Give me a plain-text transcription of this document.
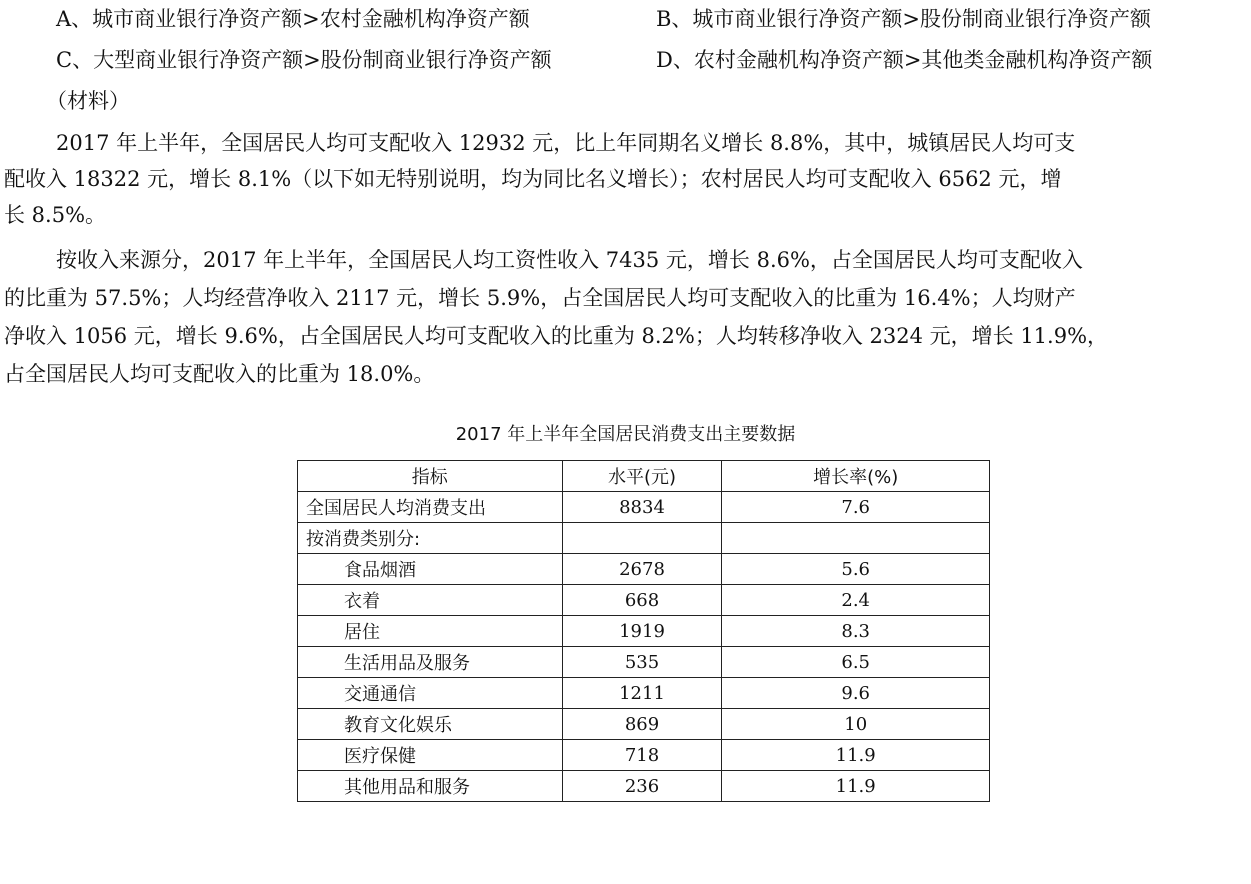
A、城市商业银行净资产额>农村金融机构净资产额	B、城市商业银行净资产额>股份制商业银行净资产额
C、大型商业银行净资产额>股份制商业银行净资产额	D、农村金融机构净资产额>其他类金融机构净资产额
（材料）
2017 年上半年，全国居民人均可支配收入 12932 元，比上年同期名义增长 8.8%，其中，城镇居民人均可支
配收入 18322 元，增长 8.1%（以下如无特别说明，均为同比名义增长）；农村居民人均可支配收入 6562 元，增
长 8.5%。
按收入来源分，2017 年上半年，全国居民人均工资性收入 7435 元，增长 8.6%，占全国居民人均可支配收入
的比重为 57.5%；人均经营净收入 2117 元，增长 5.9%，占全国居民人均可支配收入的比重为 16.4%；人均财产
净收入 1056 元，增长 9.6%，占全国居民人均可支配收入的比重为 8.2%；人均转移净收入 2324 元，增长 11.9%，
占全国居民人均可支配收入的比重为 18.0%。
2017 年上半年全国居民消费支出主要数据
指标	水平(元)	增长率(%)
全国居民人均消费支出	8834	7.6
按消费类别分:		
食品烟酒	2678	5.6
衣着	668	2.4
居住	1919	8.3
生活用品及服务	535	6.5
交通通信	1211	9.6
教育文化娱乐	869	10
医疗保健	718	11.9
其他用品和服务	236	11.9
